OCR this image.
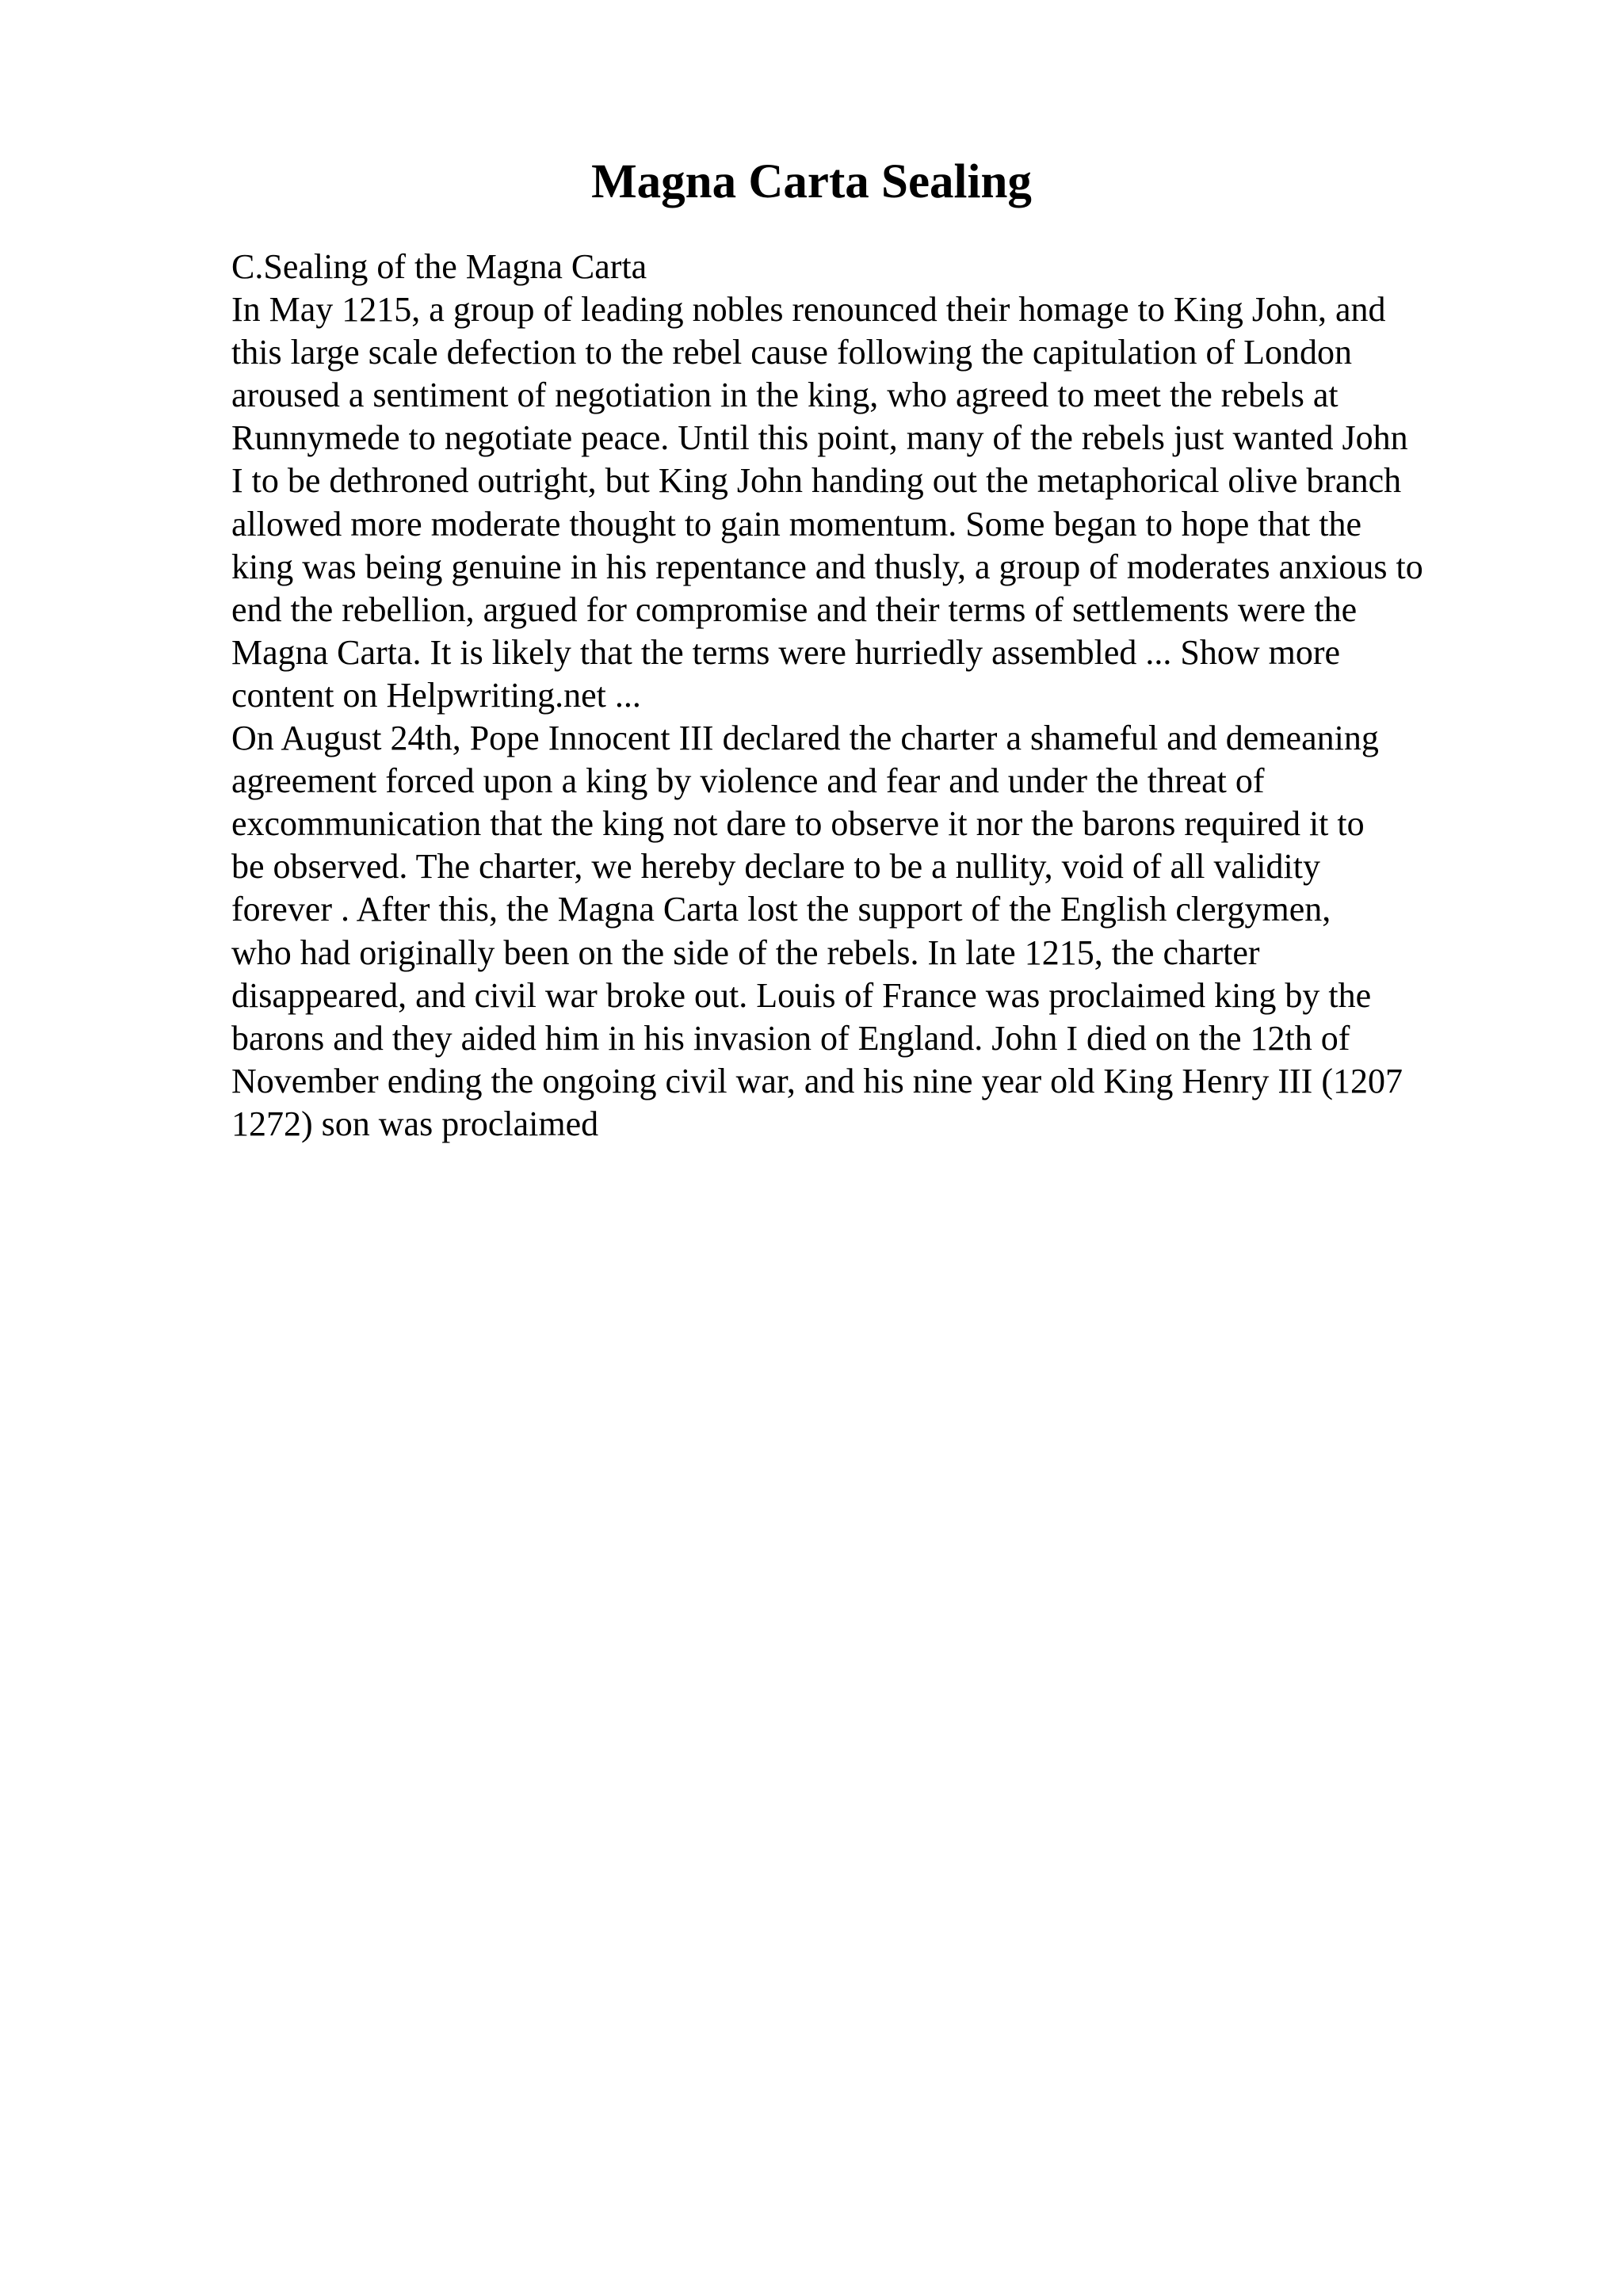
Magna Carta Sealing
C.Sealing of the Magna Carta
In May 1215, a group of leading nobles renounced their homage to King John, and
this large scale defection to the rebel cause following the capitulation of London
aroused a sentiment of negotiation in the king, who agreed to meet the rebels at
Runnymede to negotiate peace. Until this point, many of the rebels just wanted John
I to be dethroned outright, but King John handing out the metaphorical olive branch
allowed more moderate thought to gain momentum. Some began to hope that the
king was being genuine in his repentance and thusly, a group of moderates anxious to
end the rebellion, argued for compromise and their terms of settlements were the
Magna Carta. It is likely that the terms were hurriedly assembled ... Show more
content on Helpwriting.net ...
On August 24th, Pope Innocent III declared the charter a shameful and demeaning
agreement forced upon a king by violence and fear and under the threat of
excommunication that the king not dare to observe it nor the barons required it to
be observed. The charter, we hereby declare to be a nullity, void of all validity
forever . After this, the Magna Carta lost the support of the English clergymen,
who had originally been on the side of the rebels. In late 1215, the charter
disappeared, and civil war broke out. Louis of France was proclaimed king by the
barons and they aided him in his invasion of England. John I died on the 12th of
November ending the ongoing civil war, and his nine year old King Henry III (1207
1272) son was proclaimed
